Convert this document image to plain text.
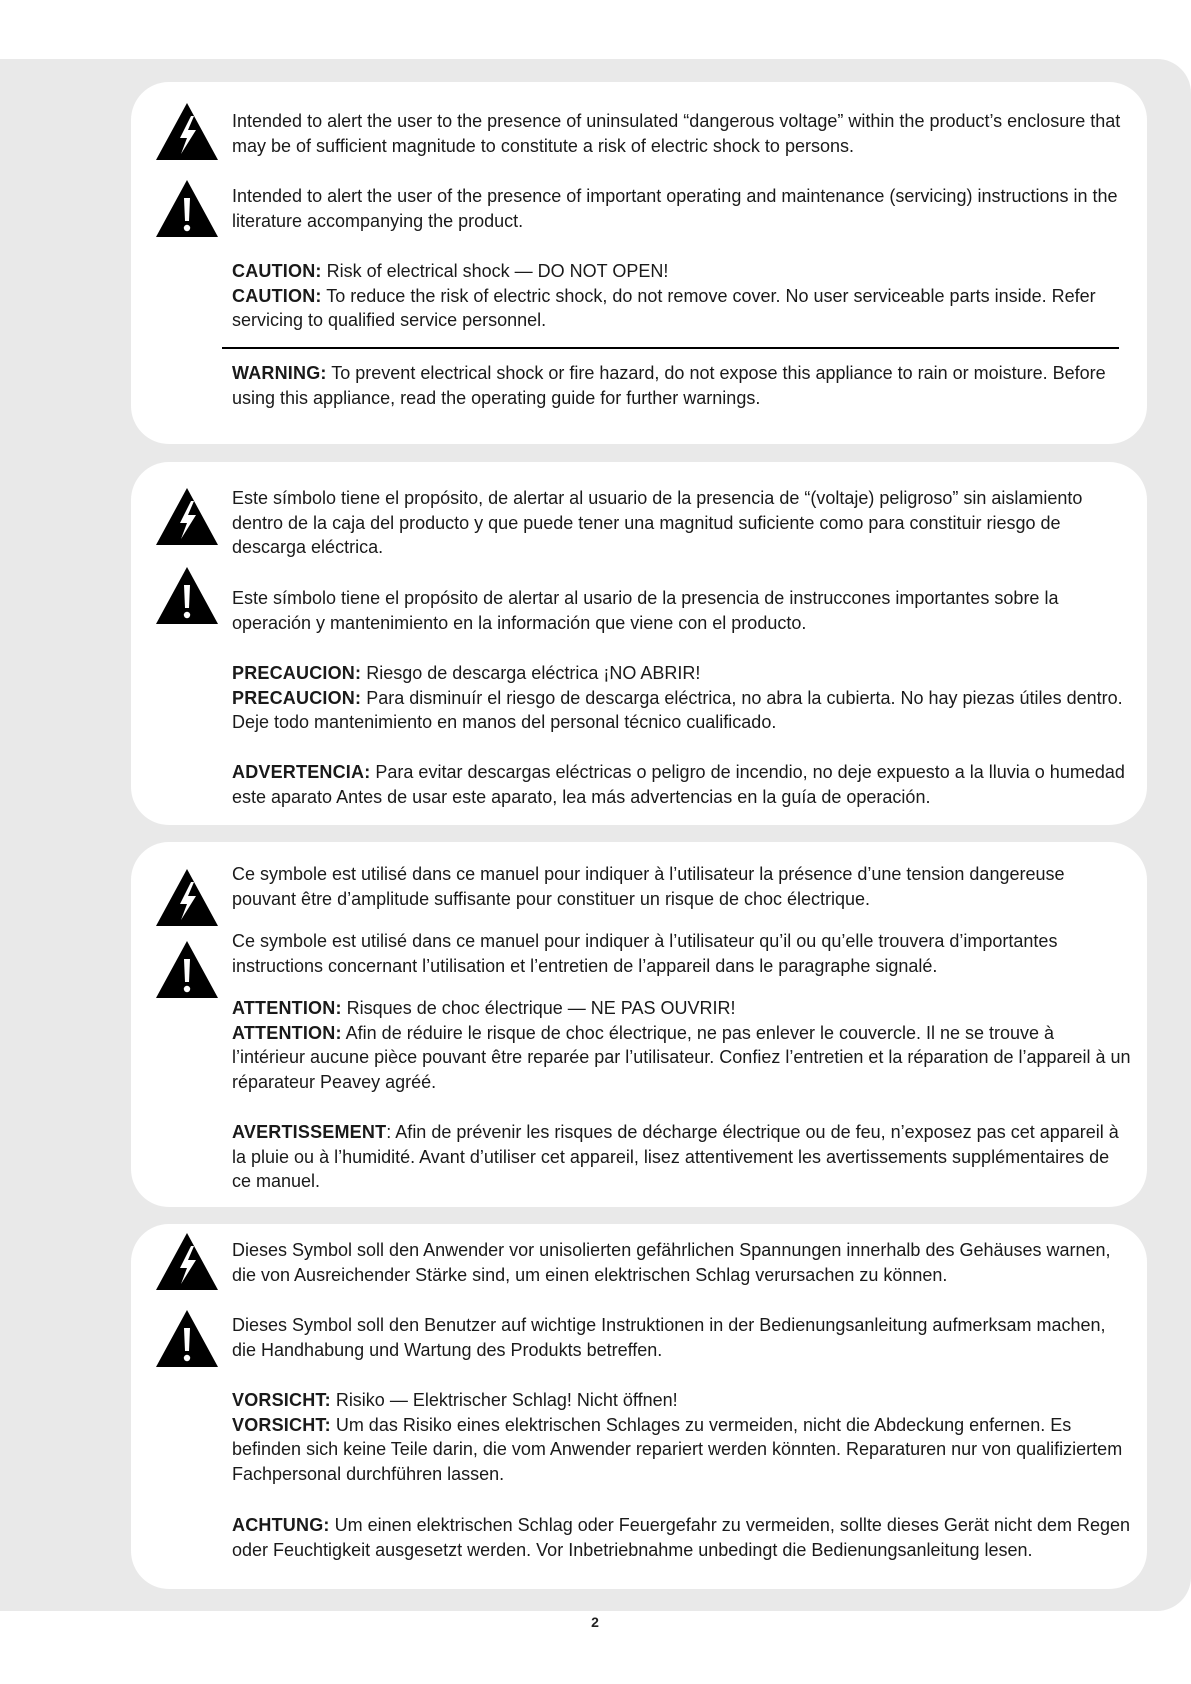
Intended to alert the user to the presence of uninsulated “dangerous voltage” within the product’s enclosure that may be of sufficient magnitude to constitute a risk of electric shock to persons.

Intended to alert the user of the presence of important operating and maintenance (servicing) instructions in the literature accompanying the product.

CAUTION: Risk of electrical shock — DO NOT OPEN!
CAUTION: To reduce the risk of electric shock, do not remove cover. No user serviceable parts inside. Refer servicing to qualified service personnel.

WARNING: To prevent electrical shock or fire hazard, do not expose this appliance to rain or moisture. Before using this appliance, read the operating guide for further warnings.

Este símbolo tiene el propósito, de alertar al usuario de la presencia de “(voltaje) peligroso” sin aislamiento dentro de la caja del producto y que puede tener una magnitud suficiente como para constituir riesgo de descarga eléctrica.

Este símbolo tiene el propósito de alertar al usario de la presencia de instruccones importantes sobre la operación y mantenimiento en la información que viene con el producto.

PRECAUCION: Riesgo de descarga eléctrica ¡NO ABRIR!
PRECAUCION: Para disminuír el riesgo de descarga eléctrica, no abra la cubierta. No hay piezas útiles dentro. Deje todo mantenimiento en manos del personal técnico cualificado.

ADVERTENCIA: Para evitar descargas eléctricas o peligro de incendio, no deje expuesto a la lluvia o humedad este aparato Antes de usar este aparato, lea más advertencias en la guía de operación.

Ce symbole est utilisé dans ce manuel pour indiquer à l’utilisateur la présence d’une tension dangereuse pouvant être d’amplitude suffisante pour constituer un risque de choc électrique.

Ce symbole est utilisé dans ce manuel pour indiquer à l’utilisateur qu’il ou qu’elle trouvera d’importantes instructions concernant l’utilisation et l’entretien de l’appareil dans le paragraphe signalé.

ATTENTION: Risques de choc électrique — NE PAS OUVRIR!
ATTENTION: Afin de réduire le risque de choc électrique, ne pas enlever le couvercle. Il ne se trouve à l’intérieur aucune pièce pouvant être reparée par l’utilisateur. Confiez l’entretien et la réparation de l’appareil à un réparateur Peavey agréé.

AVERTISSEMENT: Afin de prévenir les risques de décharge électrique ou de feu, n’exposez pas cet appareil à la pluie ou à l’humidité. Avant d’utiliser cet appareil, lisez attentivement les avertissements supplémentaires de ce manuel.

Dieses Symbol soll den Anwender vor unisolierten gefährlichen Spannungen innerhalb des Gehäuses warnen, die von Ausreichender Stärke sind, um einen elektrischen Schlag verursachen zu können.

Dieses Symbol soll den Benutzer auf wichtige Instruktionen in der Bedienungsanleitung aufmerksam machen, die Handhabung und Wartung des Produkts betreffen.

VORSICHT: Risiko — Elektrischer Schlag! Nicht öffnen!
VORSICHT: Um das Risiko eines elektrischen Schlages zu vermeiden, nicht die Abdeckung enfernen. Es befinden sich keine Teile darin, die vom Anwender repariert werden könnten. Reparaturen nur von qualifiziertem Fachpersonal durchführen lassen.

ACHTUNG: Um einen elektrischen Schlag oder Feuergefahr zu vermeiden, sollte dieses Gerät nicht dem Regen oder Feuchtigkeit ausgesetzt werden. Vor Inbetriebnahme unbedingt die Bedienungsanleitung lesen.

2
